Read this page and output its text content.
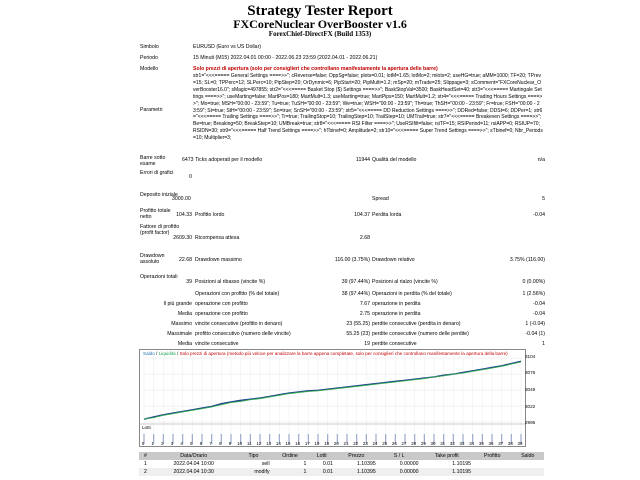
Strategy Tester Report
FXCoreNuclear OverBooster v1.6
ForexChief-DirectFX (Build 1353)
Simbolo	EURUSD (Euro vs US Dollar)
Periodo	15 Minuti (M15) 2022.04.01 00:00 - 2022.06.23 23:59 (2022.04.01 - 2022.06.21)
Modello	Solo prezzi di apertura (solo per consiglieri che controllano manifestamente la apertura delle barre)
Parametri
str1="<<<===== General Settings ====>>"; cReverse=false; OppSg=false; plots=0.01; lotM=1.65; lotMo=2; mlots=2; useHG=true; aMM=1000; TF=20; TPrev=15; SL=0; TPPerc=12; SLPerc=10; PipStep=20; OrDynmic=6; PipStart=20; PipMulti=1.2; mSp=20; mTrade=25; Slippage=3; sComment="FXCoreNuclear_OverBooster16.0"; sMagic=497855; str2="<<<===== Basket Stop ($) Settings ====>>"; BaskStopVal=3500; BaskHeadSet=40; str3="<<<===== Martingale Settings ====>>"; useMarting=false; MartPos=180; MartMult=1.3; useMarting=true; MartPips=150; MartMult=1.2; str4="<<<===== Trading Hours Settings ====>>"; Mo=true; MSH="00:00 - 23:59"; Tu=true; TuSH="00:00 - 23:59"; We=true; WSH="00:00 - 23:59"; Th=true; ThSH="00:00 - 23:59"; Fr=true; FSH="00:00 - 23:59"; St=true; StH="00:00 - 23:59"; Sn=true; SnSH="00:00 - 23:59"; str5="<<<===== DD Reduction Settings ====>>"; DDRed=false; DDSt=6; DDPer=1; str6="<<<===== Trailing Settings ====>>"; Tr=true; TrailingStop=10; TrailingStep=10; TrailStep=10; UMTrail=true; str7="<<<===== Breakeven Settings ====>>"; Be=true; Breaking=50; BreakStep=10; UMBreak=true; str8="<<<===== RSI Filter ====>>"; UseRSIfilt=false; rsiTF=15; RSIPeriod=11; rsiAPP=0; RSIUP=70; RSIDN=30; str9="<<<===== Half Trend Settings ====>>"; hTbinef=0; Amplitude=2; str10="<<<===== Super Trend Settings ====>>"; sTbinef=0; Nbr_Periods=10; Multiplier=3;
Barre sotto esame
6473 Ticks adoperati per il modello	11944 Qualità del modello	n/a
Errori di grafici
0
Deposito iniziale
3000.00	Spread	5
Profitto totale netto	104.33 Profitto lordo	104.37 Perdita lorda	-0.04
Fattore di profitto (profit factor)
2609.30 Ricompensa attesa	2.68
Drawdown assoluto	22.68 Drawdown massimo	116.00 (3.75%) Drawdown relativo	3.75% (116.00)
Operazioni totali
39 Posizioni al ribasso (vincite %)	39 (97.44%) Posizioni al rialzo (vincite %)	0 (0.00%)
Operazioni con profitto (% del totale)	38 (97.44%) Operazioni in perdita (% del totale)	1 (2.56%)
Il più grande operazione con profitto	7.67 operazione in perdita	-0.04
Media operazione con profitto	2.75 operazione in perdita	-0.04
Massimo vincite consecutive (profitto in denaro)	23 (55.25) perdite consecutive (perdita in denaro)	1 (-0.04)
Massimale profitto consecutivo (numero delle vincite)	55.25 (23) perdite consecutive (numero delle perdite)	-0.04 (1)
Media vincite consecutive	19 perdite consecutive	1
Saldo / Liquidità / Solo prezzi di apertura (metodo più veloce per analizzare la barre appena completate, solo per consiglieri che controllano manifestamente la apertura della barre)
Lotti
3104
3076
3049
3022
2995
0	1	2	3	4	5	6	7	8	9	10	11	12	13	14	15	16	17	18	19	20	21	22	23	24	25	26	27	28	29	30	31	32	33	34	35	36	37	38	39
#	Data/Orario	Tipo	Ordine	Lotti	Prezzo	S / L	Take profit	Profitto	Saldo
1	2022.04.04 10:00	sell	1	0.01	1.10395	0.00000	1.10195		
2	2022.04.04 10:30	modify	1	0.01	1.10395	0.00000	1.10195		
